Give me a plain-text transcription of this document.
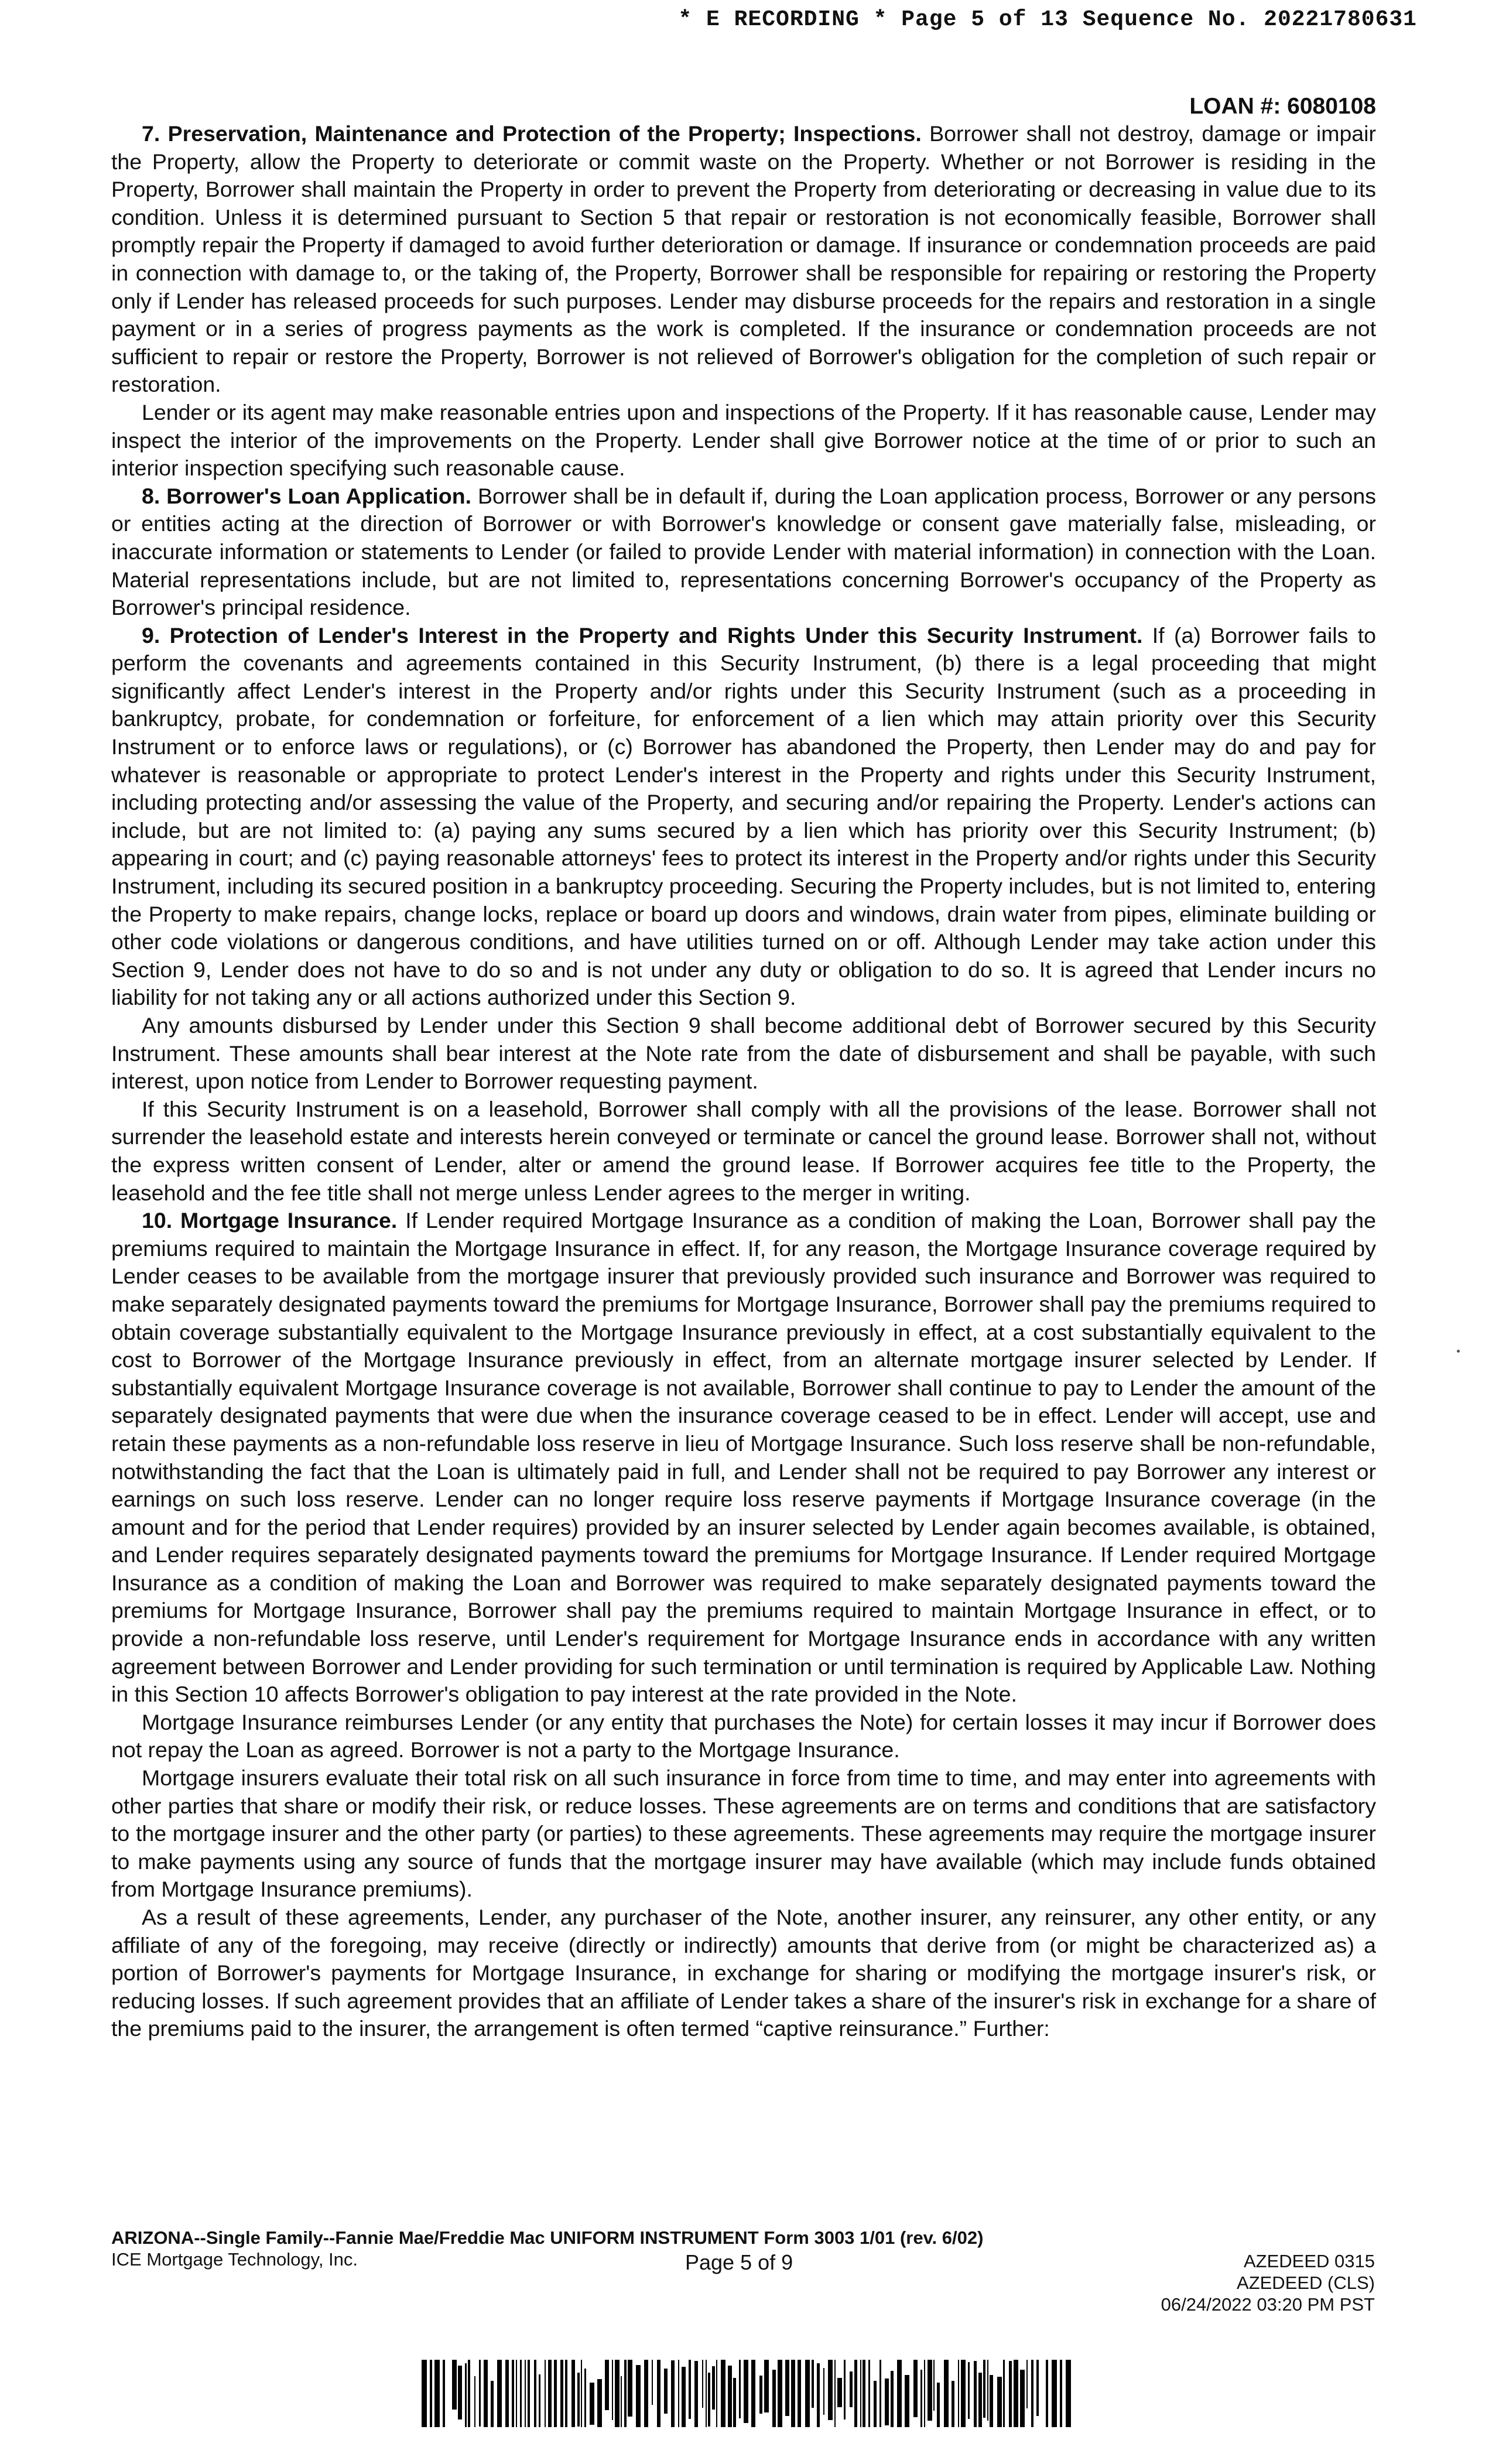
* E RECORDING * Page 5 of 13 Sequence No. 20221780631
LOAN #: 6080108

7. Preservation, Maintenance and Protection of the Property; Inspections. Borrower shall not destroy, damage or impair the Property, allow the Property to deteriorate or commit waste on the Property. Whether or not Borrower is residing in the Property, Borrower shall maintain the Property in order to prevent the Property from deteriorating or decreasing in value due to its condition. Unless it is determined pursuant to Section 5 that repair or restoration is not economically feasible, Borrower shall promptly repair the Property if damaged to avoid further deterioration or damage. If insurance or condemnation proceeds are paid in connection with damage to, or the taking of, the Property, Borrower shall be responsible for repairing or restoring the Property only if Lender has released proceeds for such purposes. Lender may disburse proceeds for the repairs and restoration in a single payment or in a series of progress payments as the work is completed. If the insurance or condemnation proceeds are not sufficient to repair or restore the Property, Borrower is not relieved of Borrower's obligation for the completion of such repair or restoration.

Lender or its agent may make reasonable entries upon and inspections of the Property. If it has reasonable cause, Lender may inspect the interior of the improvements on the Property. Lender shall give Borrower notice at the time of or prior to such an interior inspection specifying such reasonable cause.

8. Borrower's Loan Application. Borrower shall be in default if, during the Loan application process, Borrower or any persons or entities acting at the direction of Borrower or with Borrower's knowledge or consent gave materially false, misleading, or inaccurate information or statements to Lender (or failed to provide Lender with material information) in connection with the Loan. Material representations include, but are not limited to, representations concerning Borrower's occupancy of the Property as Borrower's principal residence.

9. Protection of Lender's Interest in the Property and Rights Under this Security Instrument. If (a) Borrower fails to perform the covenants and agreements contained in this Security Instrument, (b) there is a legal proceeding that might significantly affect Lender's interest in the Property and/or rights under this Security Instrument (such as a proceeding in bankruptcy, probate, for condemnation or forfeiture, for enforcement of a lien which may attain priority over this Security Instrument or to enforce laws or regulations), or (c) Borrower has abandoned the Property, then Lender may do and pay for whatever is reasonable or appropriate to protect Lender's interest in the Property and rights under this Security Instrument, including protecting and/or assessing the value of the Property, and securing and/or repairing the Property. Lender's actions can include, but are not limited to: (a) paying any sums secured by a lien which has priority over this Security Instrument; (b) appearing in court; and (c) paying reasonable attorneys' fees to protect its interest in the Property and/or rights under this Security Instrument, including its secured position in a bankruptcy proceeding. Securing the Property includes, but is not limited to, entering the Property to make repairs, change locks, replace or board up doors and windows, drain water from pipes, eliminate building or other code violations or dangerous conditions, and have utilities turned on or off. Although Lender may take action under this Section 9, Lender does not have to do so and is not under any duty or obligation to do so. It is agreed that Lender incurs no liability for not taking any or all actions authorized under this Section 9.

Any amounts disbursed by Lender under this Section 9 shall become additional debt of Borrower secured by this Security Instrument. These amounts shall bear interest at the Note rate from the date of disbursement and shall be payable, with such interest, upon notice from Lender to Borrower requesting payment.

If this Security Instrument is on a leasehold, Borrower shall comply with all the provisions of the lease. Borrower shall not surrender the leasehold estate and interests herein conveyed or terminate or cancel the ground lease. Borrower shall not, without the express written consent of Lender, alter or amend the ground lease. If Borrower acquires fee title to the Property, the leasehold and the fee title shall not merge unless Lender agrees to the merger in writing.

10. Mortgage Insurance. If Lender required Mortgage Insurance as a condition of making the Loan, Borrower shall pay the premiums required to maintain the Mortgage Insurance in effect. If, for any reason, the Mortgage Insurance coverage required by Lender ceases to be available from the mortgage insurer that previously provided such insurance and Borrower was required to make separately designated payments toward the premiums for Mortgage Insurance, Borrower shall pay the premiums required to obtain coverage substantially equivalent to the Mortgage Insurance previously in effect, at a cost substantially equivalent to the cost to Borrower of the Mortgage Insurance previously in effect, from an alternate mortgage insurer selected by Lender. If substantially equivalent Mortgage Insurance coverage is not available, Borrower shall continue to pay to Lender the amount of the separately designated payments that were due when the insurance coverage ceased to be in effect. Lender will accept, use and retain these payments as a non-refundable loss reserve in lieu of Mortgage Insurance. Such loss reserve shall be non-refundable, notwithstanding the fact that the Loan is ultimately paid in full, and Lender shall not be required to pay Borrower any interest or earnings on such loss reserve. Lender can no longer require loss reserve payments if Mortgage Insurance coverage (in the amount and for the period that Lender requires) provided by an insurer selected by Lender again becomes available, is obtained, and Lender requires separately designated payments toward the premiums for Mortgage Insurance. If Lender required Mortgage Insurance as a condition of making the Loan and Borrower was required to make separately designated payments toward the premiums for Mortgage Insurance, Borrower shall pay the premiums required to maintain Mortgage Insurance in effect, or to provide a non-refundable loss reserve, until Lender's requirement for Mortgage Insurance ends in accordance with any written agreement between Borrower and Lender providing for such termination or until termination is required by Applicable Law. Nothing in this Section 10 affects Borrower's obligation to pay interest at the rate provided in the Note.

Mortgage Insurance reimburses Lender (or any entity that purchases the Note) for certain losses it may incur if Borrower does not repay the Loan as agreed. Borrower is not a party to the Mortgage Insurance.

Mortgage insurers evaluate their total risk on all such insurance in force from time to time, and may enter into agreements with other parties that share or modify their risk, or reduce losses. These agreements are on terms and conditions that are satisfactory to the mortgage insurer and the other party (or parties) to these agreements. These agreements may require the mortgage insurer to make payments using any source of funds that the mortgage insurer may have available (which may include funds obtained from Mortgage Insurance premiums).

As a result of these agreements, Lender, any purchaser of the Note, another insurer, any reinsurer, any other entity, or any affiliate of any of the foregoing, may receive (directly or indirectly) amounts that derive from (or might be characterized as) a portion of Borrower's payments for Mortgage Insurance, in exchange for sharing or modifying the mortgage insurer's risk, or reducing losses. If such agreement provides that an affiliate of Lender takes a share of the insurer's risk in exchange for a share of the premiums paid to the insurer, the arrangement is often termed “captive reinsurance.” Further:

ARIZONA--Single Family--Fannie Mae/Freddie Mac UNIFORM INSTRUMENT Form 3003 1/01 (rev. 6/02)
ICE Mortgage Technology, Inc.	Page 5 of 9	AZEDEED 0315
AZEDEED (CLS)
06/24/2022 03:20 PM PST
